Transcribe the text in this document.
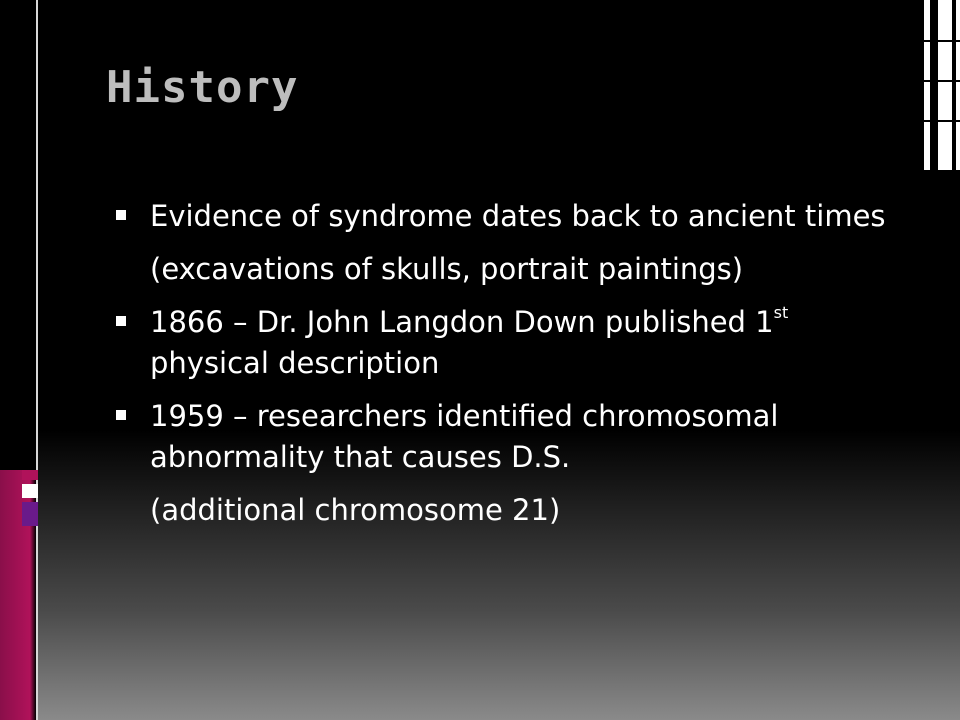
History

Evidence of syndrome dates back to ancient times

(excavations of skulls, portrait paintings)

1866 – Dr. John Langdon Down published 1st physical description

1959 – researchers identified chromosomal abnormality that causes D.S.

(additional chromosome 21)
